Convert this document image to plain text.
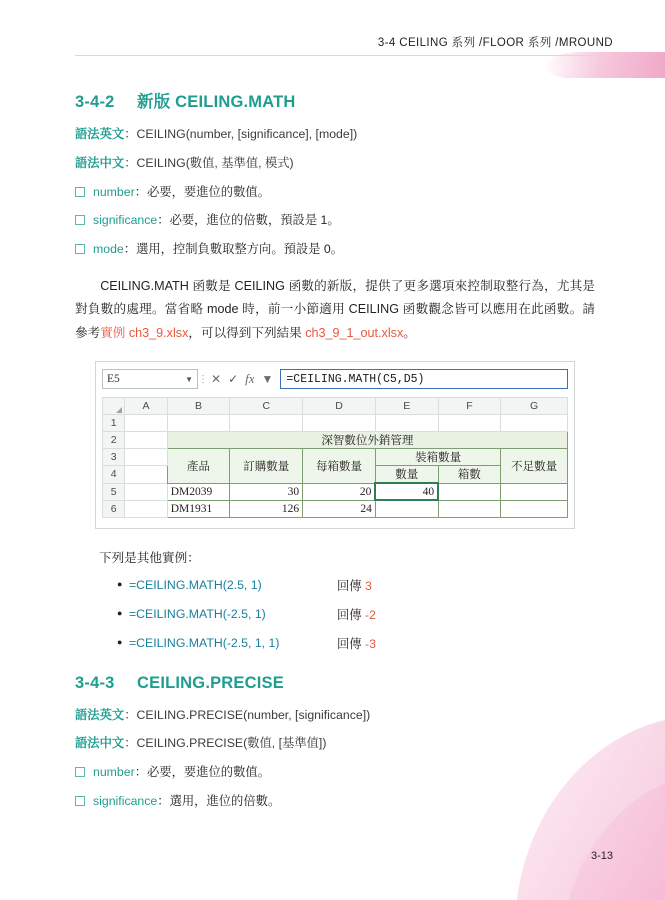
3-4 CEILING 系列 /FLOOR 系列 /MROUND
3-4-2 新版 CEILING.MATH

語法英文：CEILING(number, [significance], [mode])

語法中文：CEILING(數值, 基準值, 模式)

number：必要，要進位的數值。

significance：必要，進位的倍數，預設是 1。

mode：選用，控制負數取整方向。預設是 0。

CEILING.MATH 函數是 CEILING 函數的新版，提供了更多選項來控制取整行為，尤其是對負數的處理。當省略 mode 時，前一小節適用 CEILING 函數觀念皆可以應用在此函數。請參考實例 ch3_9.xlsx，可以得到下列結果 ch3_9_1_out.xlsx。

E5	▼ ⋮ ✕ ✓ fx ▼	=CEILING.MATH(C5,D5)
	A	B	C	D	E	F	G
1							
2		深智數位外銷管理					
3		產品	訂購數量	每箱數量	裝箱數量		不足數量
4					數量	箱數	
5		DM2039	30	20	40		
6		DM1931	126	24			

下列是其他實例：

● =CEILING.MATH(2.5, 1)	回傳 3
● =CEILING.MATH(-2.5, 1)	回傳 -2
● =CEILING.MATH(-2.5, 1, 1)	回傳 -3
3-4-3 CEILING.PRECISE

語法英文：CEILING.PRECISE(number, [significance])

語法中文：CEILING.PRECISE(數值, [基準值])

number：必要，要進位的數值。

significance：選用，進位的倍數。

3-13
